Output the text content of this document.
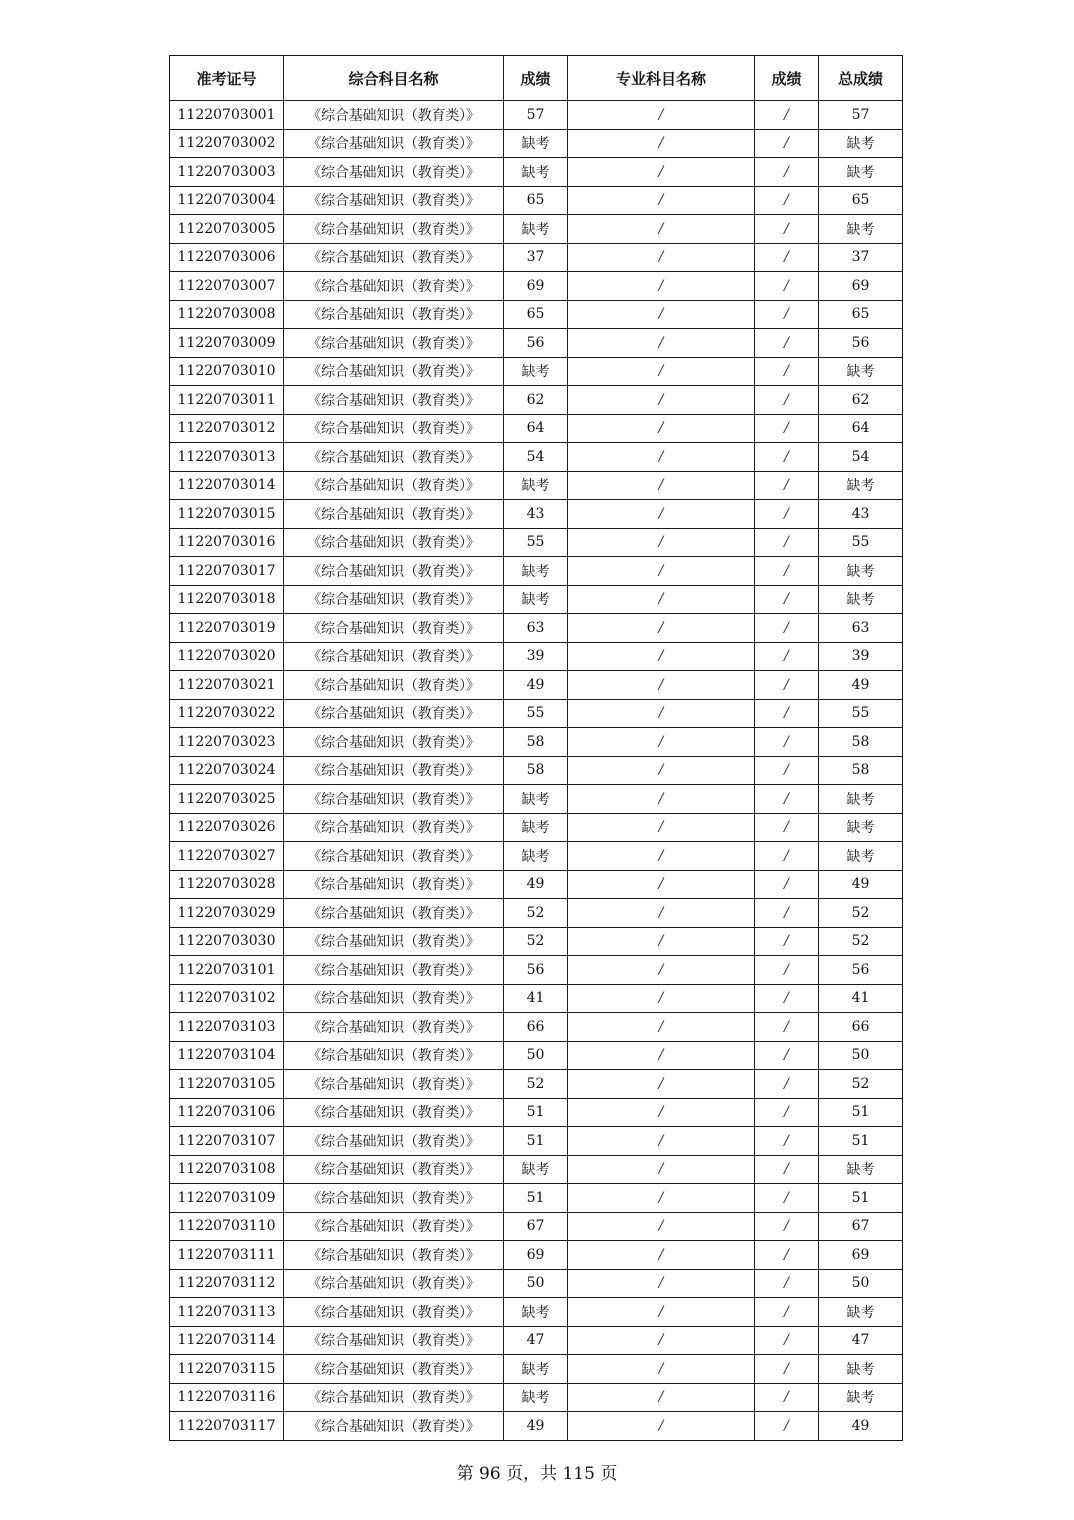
准考证号	综合科目名称	成绩	专业科目名称	成绩	总成绩
11220703001	《综合基础知识（教育类）》	57	/	/	57
11220703002	《综合基础知识（教育类）》	缺考	/	/	缺考
11220703003	《综合基础知识（教育类）》	缺考	/	/	缺考
11220703004	《综合基础知识（教育类）》	65	/	/	65
11220703005	《综合基础知识（教育类）》	缺考	/	/	缺考
11220703006	《综合基础知识（教育类）》	37	/	/	37
11220703007	《综合基础知识（教育类）》	69	/	/	69
11220703008	《综合基础知识（教育类）》	65	/	/	65
11220703009	《综合基础知识（教育类）》	56	/	/	56
11220703010	《综合基础知识（教育类）》	缺考	/	/	缺考
11220703011	《综合基础知识（教育类）》	62	/	/	62
11220703012	《综合基础知识（教育类）》	64	/	/	64
11220703013	《综合基础知识（教育类）》	54	/	/	54
11220703014	《综合基础知识（教育类）》	缺考	/	/	缺考
11220703015	《综合基础知识（教育类）》	43	/	/	43
11220703016	《综合基础知识（教育类）》	55	/	/	55
11220703017	《综合基础知识（教育类）》	缺考	/	/	缺考
11220703018	《综合基础知识（教育类）》	缺考	/	/	缺考
11220703019	《综合基础知识（教育类）》	63	/	/	63
11220703020	《综合基础知识（教育类）》	39	/	/	39
11220703021	《综合基础知识（教育类）》	49	/	/	49
11220703022	《综合基础知识（教育类）》	55	/	/	55
11220703023	《综合基础知识（教育类）》	58	/	/	58
11220703024	《综合基础知识（教育类）》	58	/	/	58
11220703025	《综合基础知识（教育类）》	缺考	/	/	缺考
11220703026	《综合基础知识（教育类）》	缺考	/	/	缺考
11220703027	《综合基础知识（教育类）》	缺考	/	/	缺考
11220703028	《综合基础知识（教育类）》	49	/	/	49
11220703029	《综合基础知识（教育类）》	52	/	/	52
11220703030	《综合基础知识（教育类）》	52	/	/	52
11220703101	《综合基础知识（教育类）》	56	/	/	56
11220703102	《综合基础知识（教育类）》	41	/	/	41
11220703103	《综合基础知识（教育类）》	66	/	/	66
11220703104	《综合基础知识（教育类）》	50	/	/	50
11220703105	《综合基础知识（教育类）》	52	/	/	52
11220703106	《综合基础知识（教育类）》	51	/	/	51
11220703107	《综合基础知识（教育类）》	51	/	/	51
11220703108	《综合基础知识（教育类）》	缺考	/	/	缺考
11220703109	《综合基础知识（教育类）》	51	/	/	51
11220703110	《综合基础知识（教育类）》	67	/	/	67
11220703111	《综合基础知识（教育类）》	69	/	/	69
11220703112	《综合基础知识（教育类）》	50	/	/	50
11220703113	《综合基础知识（教育类）》	缺考	/	/	缺考
11220703114	《综合基础知识（教育类）》	47	/	/	47
11220703115	《综合基础知识（教育类）》	缺考	/	/	缺考
11220703116	《综合基础知识（教育类）》	缺考	/	/	缺考
11220703117	《综合基础知识（教育类）》	49	/	/	49
第 96 页，共 115 页
